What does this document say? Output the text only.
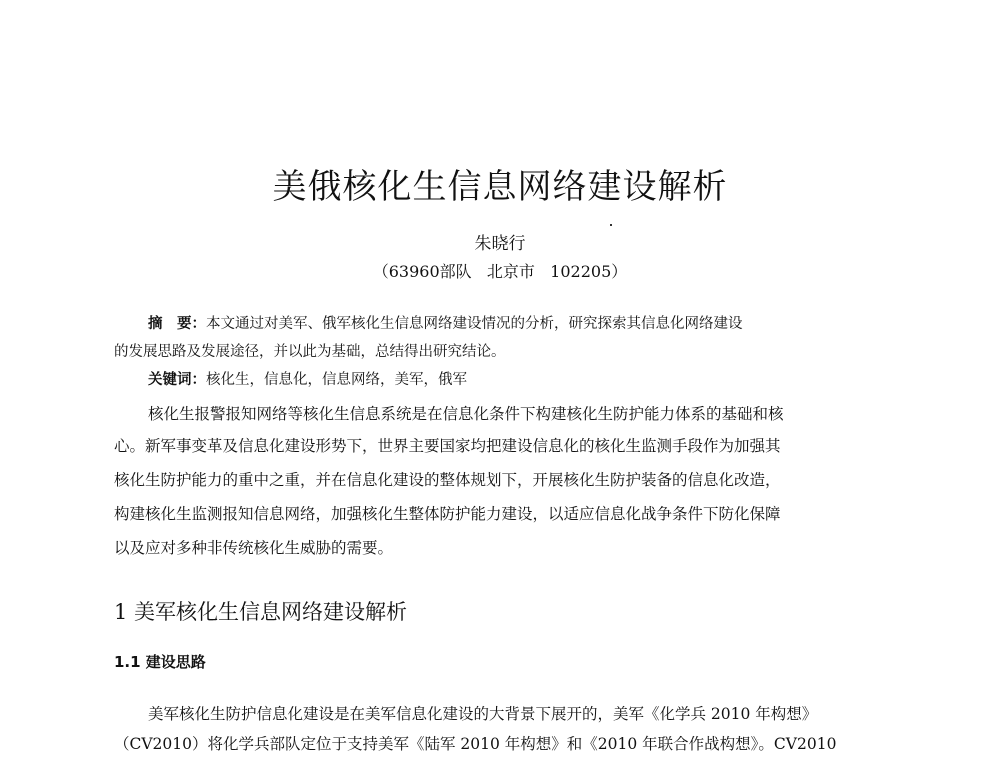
美俄核化生信息网络建设解析
朱晓行
（63960部队   北京市   102205）
摘　要：本文通过对美军、俄军核化生信息网络建设情况的分析，研究探索其信息化网络建设
的发展思路及发展途径，并以此为基础，总结得出研究结论。
关键词：核化生，信息化，信息网络，美军，俄军
核化生报警报知网络等核化生信息系统是在信息化条件下构建核化生防护能力体系的基础和核
心。新军事变革及信息化建设形势下，世界主要国家均把建设信息化的核化生监测手段作为加强其
核化生防护能力的重中之重，并在信息化建设的整体规划下，开展核化生防护装备的信息化改造，
构建核化生监测报知信息网络，加强核化生整体防护能力建设，以适应信息化战争条件下防化保障
以及应对多种非传统核化生威胁的需要。
1 美军核化生信息网络建设解析
1.1 建设思路
美军核化生防护信息化建设是在美军信息化建设的大背景下展开的，美军《化学兵 2010 年构想》
（CV2010）将化学兵部队定位于支持美军《陆军 2010 年构想》和《2010 年联合作战构想》。CV2010
